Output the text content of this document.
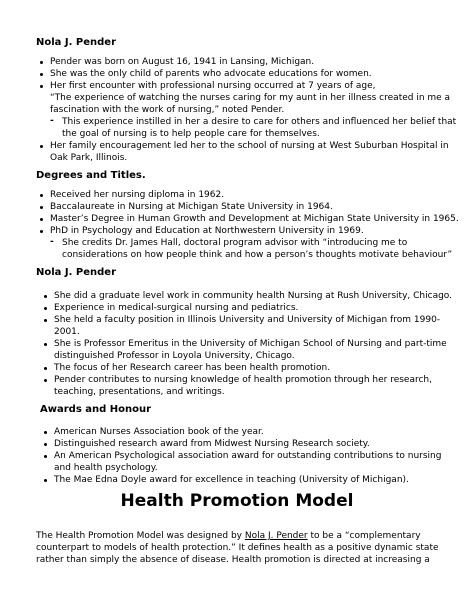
Nola J. Pender
Pender was born on August 16, 1941 in Lansing, Michigan.
She was the only child of parents who advocate educations for women.
Her first encounter with professional nursing occurred at 7 years of age,
“The experience of watching the nurses caring for my aunt in her illness created in me a
fascination with the work of nursing,” noted Pender.
- This experience instilled in her a desire to care for others and influenced her belief that
the goal of nursing is to help people care for themselves.
Her family encouragement led her to the school of nursing at West Suburban Hospital in
Oak Park, Illinois.
Degrees and Titles.
Received her nursing diploma in 1962.
Baccalaureate in Nursing at Michigan State University in 1964.
Master’s Degree in Human Growth and Development at Michigan State University in 1965.
PhD in Psychology and Education at Northwestern University in 1969.
- She credits Dr. James Hall, doctoral program advisor with “introducing me to
considerations on how people think and how a person’s thoughts motivate behaviour”
Nola J. Pender
She did a graduate level work in community health Nursing at Rush University, Chicago.
Experience in medical-surgical nursing and pediatrics.
She held a faculty position in Illinois University and University of Michigan from 1990-
2001.
She is Professor Emeritus in the University of Michigan School of Nursing and part-time
distinguished Professor in Loyola University, Chicago.
The focus of her Research career has been health promotion.
Pender contributes to nursing knowledge of health promotion through her research,
teaching, presentations, and writings.
Awards and Honour
American Nurses Association book of the year.
Distinguished research award from Midwest Nursing Research society.
An American Psychological association award for outstanding contributions to nursing
and health psychology.
The Mae Edna Doyle award for excellence in teaching (University of Michigan).
Health Promotion Model
The Health Promotion Model was designed by Nola J. Pender to be a “complementary
counterpart to models of health protection.” It defines health as a positive dynamic state
rather than simply the absence of disease. Health promotion is directed at increasing a
